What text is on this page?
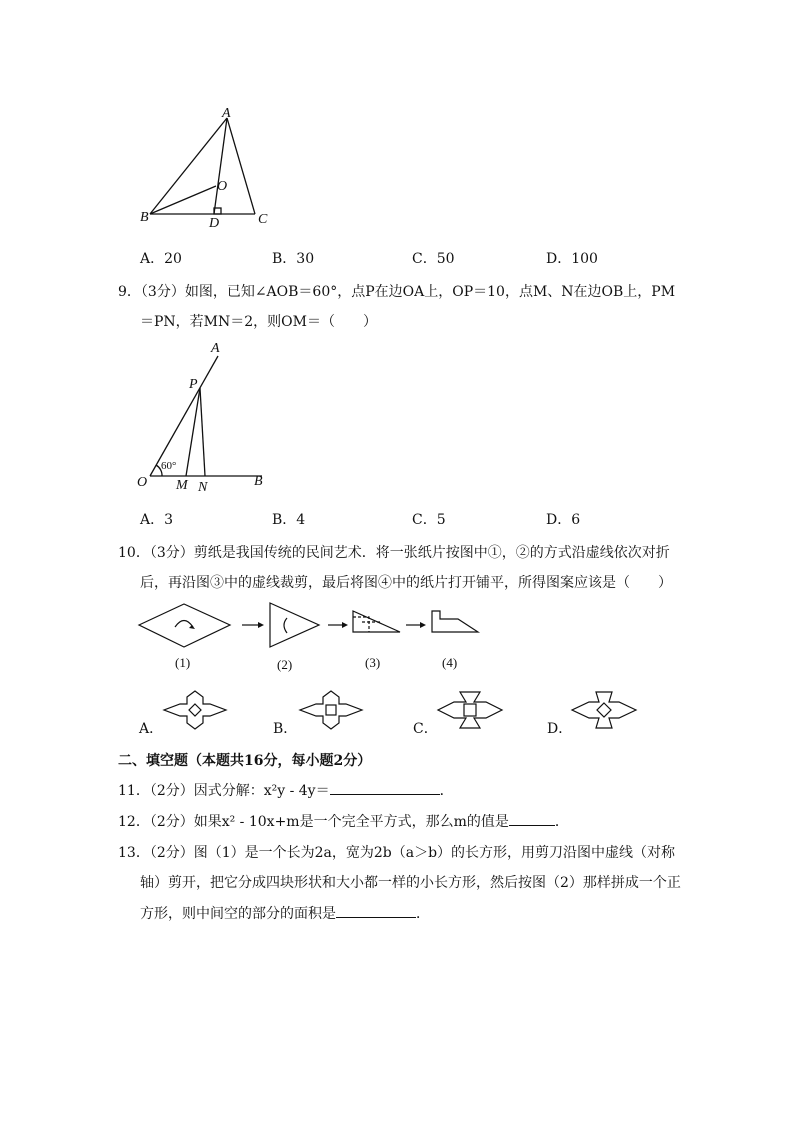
A
O
B	D	C
A．20	B．30	C．50	D．100
9．（3分）如图，已知∠AOB＝60°，点P在边OA上，OP＝10，点M、N在边OB上，PM
＝PN，若MN＝2，则OM＝（　　）
A
P
60°
O M N	B
A．3	B．4	C．5	D．6
10．（3分）剪纸是我国传统的民间艺术．将一张纸片按图中①，②的方式沿虚线依次对折
后，再沿图③中的虚线裁剪，最后将图④中的纸片打开铺平，所得图案应该是（　　）
(1)	(2)	(3)	(4)
A．	B．	C．	D．
二、填空题（本题共16分，每小题2分）
11．（2分）因式分解：x²y - 4y＝	．
12．（2分）如果x² - 10x+m是一个完全平方式，那么m的值是	．
13．（2分）图（1）是一个长为2a，宽为2b（a＞b）的长方形，用剪刀沿图中虚线（对称
轴）剪开，把它分成四块形状和大小都一样的小长方形，然后按图（2）那样拼成一个正
方形，则中间空的部分的面积是	．
